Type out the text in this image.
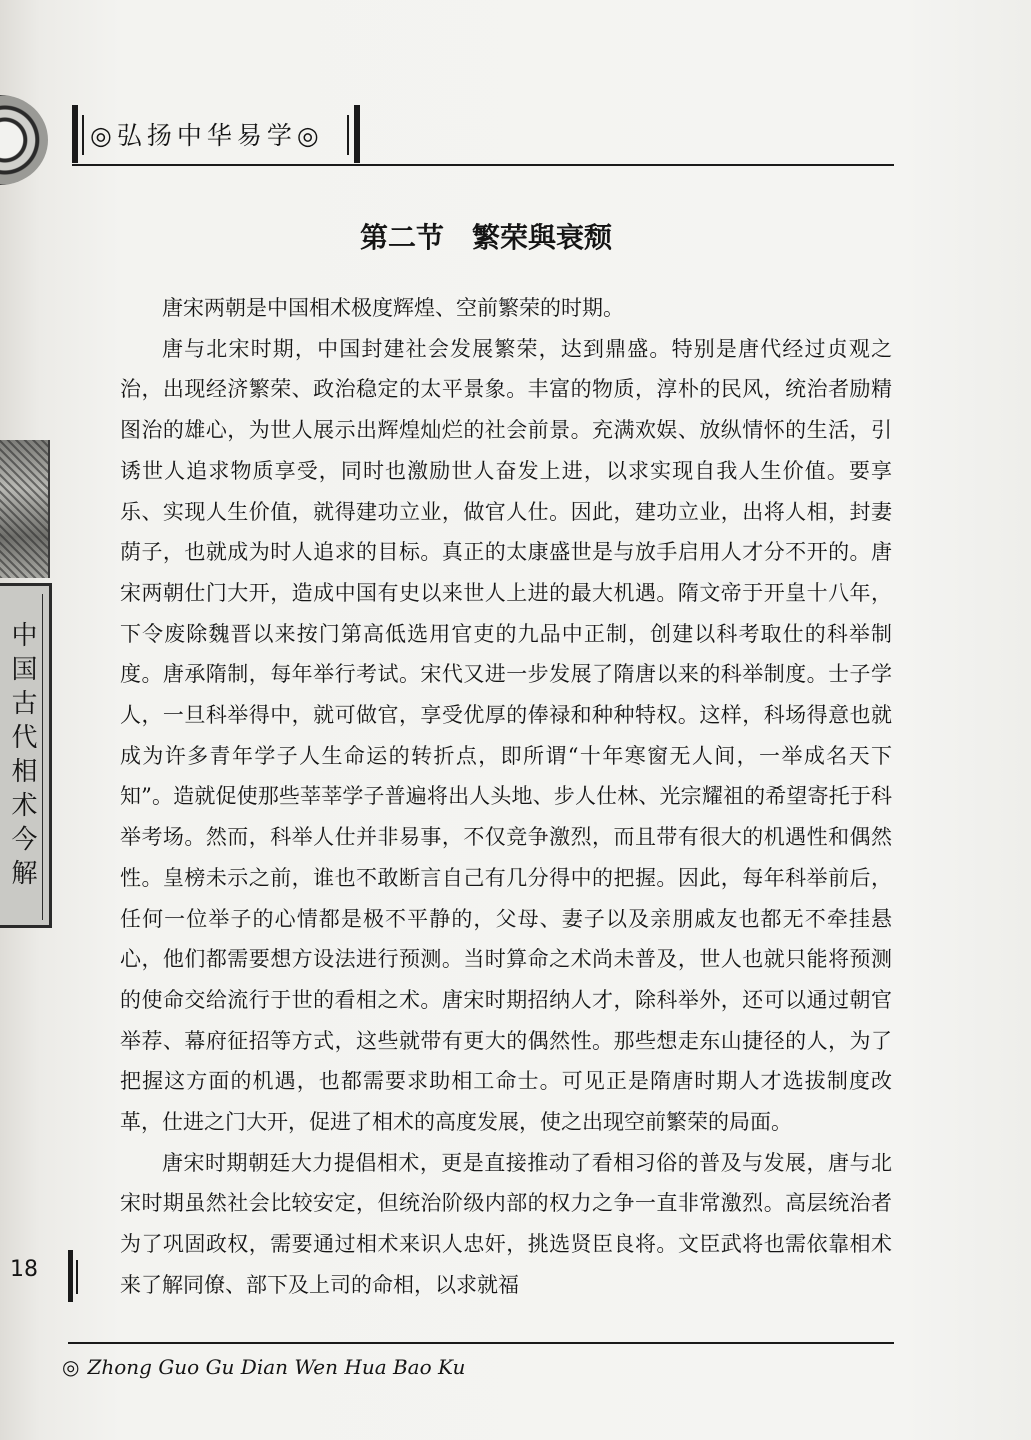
◎弘扬中华易学◎
第二节　繁荣與衰颓

唐宋两朝是中国相术极度辉煌、空前繁荣的时期。

唐与北宋时期，中国封建社会发展繁荣，达到鼎盛。特别是唐代经过贞观之治，出现经济繁荣、政治稳定的太平景象。丰富的物质，淳朴的民风，统治者励精图治的雄心，为世人展示出辉煌灿烂的社会前景。充满欢娱、放纵情怀的生活，引诱世人追求物质享受，同时也激励世人奋发上进，以求实现自我人生价值。要享乐、实现人生价值，就得建功立业，做官人仕。因此，建功立业，出将人相，封妻荫子，也就成为时人追求的目标。真正的太康盛世是与放手启用人才分不开的。唐宋两朝仕门大开，造成中国有史以来世人上进的最大机遇。隋文帝于开皇十八年，下令废除魏晋以来按门第高低选用官吏的九品中正制，创建以科考取仕的科举制度。唐承隋制，每年举行考试。宋代又进一步发展了隋唐以来的科举制度。士子学人，一旦科举得中，就可做官，享受优厚的俸禄和种种特权。这样，科场得意也就成为许多青年学子人生命运的转折点，即所谓“十年寒窗无人间，一举成名天下知”。造就促使那些莘莘学子普遍将出人头地、步人仕林、光宗耀祖的希望寄托于科举考场。然而，科举人仕并非易事，不仅竞争激烈，而且带有很大的机遇性和偶然性。皇榜未示之前，谁也不敢断言自己有几分得中的把握。因此，每年科举前后，任何一位举子的心情都是极不平静的，父母、妻子以及亲朋戚友也都无不牵挂悬心，他们都需要想方设法进行预测。当时算命之术尚未普及，世人也就只能将预测的使命交给流行于世的看相之术。唐宋时期招纳人才，除科举外，还可以通过朝官举荐、幕府征招等方式，这些就带有更大的偶然性。那些想走东山捷径的人，为了把握这方面的机遇，也都需要求助相工命士。可见正是隋唐时期人才选拔制度改革，仕进之门大开，促进了相术的高度发展，使之出现空前繁荣的局面。

唐宋时期朝廷大力提倡相术，更是直接推动了看相习俗的普及与发展，唐与北宋时期虽然社会比较安定，但统治阶级内部的权力之争一直非常激烈。高层统治者为了巩固政权，需要通过相术来识人忠奸，挑选贤臣良将。文臣武将也需依靠相术来了解同僚、部下及上司的命相，以求就福

中国古代相术今解
18
◎ Zhong Guo Gu Dian Wen Hua Bao Ku
